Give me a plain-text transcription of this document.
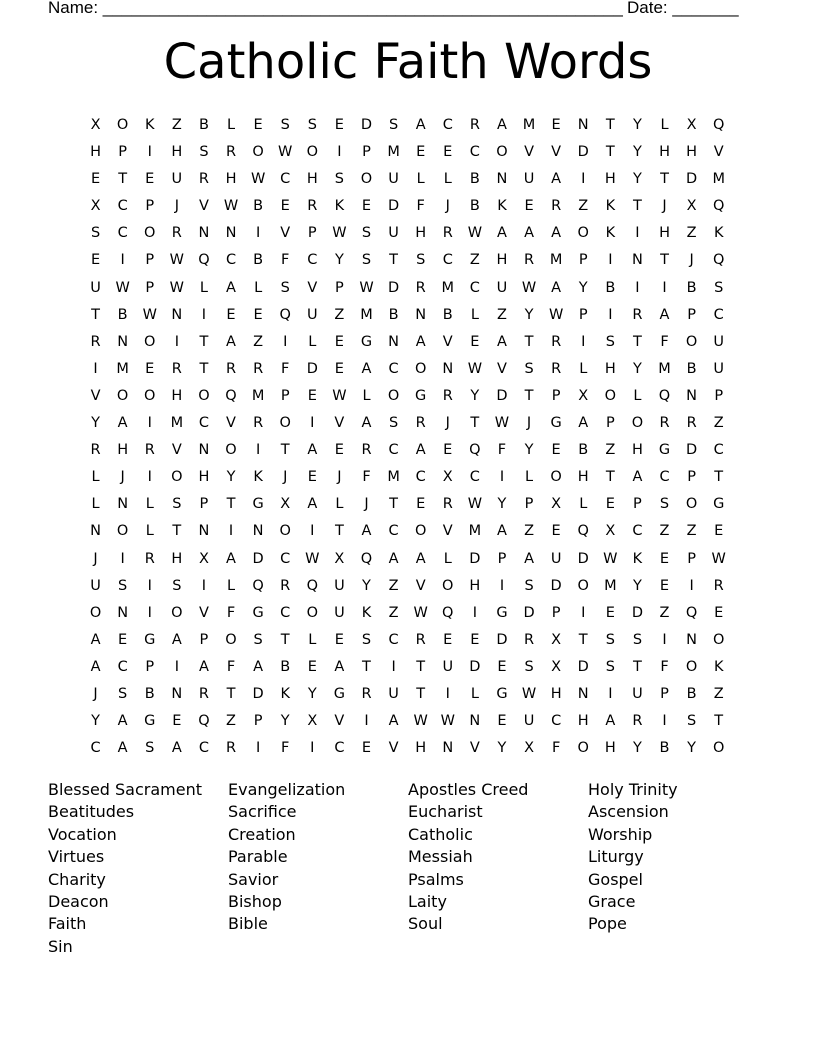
Name: _______________________________________________________ Date: _______
Catholic Faith Words
X	O	K	Z	B	L	E	S	S	E	D	S	A	C	R	A	M	E	N	T	Y	L	X	Q
H	P	I	H	S	R	O W O	I	P	M	E	E	C	O	V	V	D	T	Y	H	H	V
E	T	E	U	R	H W	C	H	S	O	U	L	L	B	N	U	A	I	H	Y	T	D	M
X	C	P	J	V	W	B	E	R	K	E	D	F	J	B	K	E	R	Z	K	T	J	X	Q
S	C	O	R	N	N	I	V	P	W	S	U	H	R	W	A	A	A	O	K	I	H	Z	K
E	I	P	W Q	C	B	F	C	Y	S	T	S	C	Z	H	R	M	P	I	N	T	J	Q
U	W	P	W	L	A	L	S	V	P	W D	R	M	C	U	W	A	Y	B	I	I	B	S
T	B	W N	I	E	E	Q	U	Z	M	B	N	B	L	Z	Y	W	P	I	R	A	P	C
R	N	O	I	T	A	Z	I	L	E	G	N	A	V	E	A	T	R	I	S	T	F	O	U
I	M	E	R	T	R	R	F	D	E	A	C	O	N	W	V	S	R	L	H	Y	M	B	U
V	O	O	H	O	Q	M	P	E	W	L	O	G	R	Y	D	T	P	X	O	L	Q	N	P
Y	A	I	M	C	V	R	O	I	V	A	S	R	J	T	W	J	G	A	P	O	R	R	Z
R	H	R	V	N	O	I	T	A	E	R	C	A	E	Q	F	Y	E	B	Z	H	G	D	C
L	J	I	O	H	Y	K	J	E	J	F	M	C	X	C	I	L	O	H	T	A	C	P	T
L	N	L	S	P	T	G	X	A	L	J	T	E	R	W	Y	P	X	L	E	P	S	O	G
N	O	L	T	N	I	N	O	I	T	A	C	O	V	M	A	Z	E	Q	X	C	Z	Z	E
J	I	R	H	X	A	D	C	W	X	Q	A	A	L	D	P	A	U	D W	K	E	P	W
U	S	I	S	I	L	Q	R	Q	U	Y	Z	V	O	H	I	S	D	O	M	Y	E	I	R
O	N	I	O	V	F	G	C	O	U	K	Z	W Q	I	G	D	P	I	E	D	Z	Q	E
A	E	G	A	P	O	S	T	L	E	S	C	R	E	E	D	R	X	T	S	S	I	N	O
A	C	P	I	A	F	A	B	E	A	T	I	T	U	D	E	S	X	D	S	T	F	O	K
J	S	B	N	R	T	D	K	Y	G	R	U	T	I	L	G W H	N	I	U	P	B	Z
Y	A	G	E	Q	Z	P	Y	X	V	I	A	W W N	E	U	C	H	A	R	I	S	T
C	A	S	A	C	R	I	F	I	C	E	V	H	N	V	Y	X	F	O	H	Y	B	Y	O
Blessed Sacrament
Beatitudes
Vocation
Virtues
Charity
Deacon
Faith
Sin
Evangelization
Sacrifice
Creation
Parable
Savior
Bishop
Bible
Apostles Creed
Eucharist
Catholic
Messiah
Psalms
Laity
Soul
Holy Trinity
Ascension
Worship
Liturgy
Gospel
Grace
Pope
